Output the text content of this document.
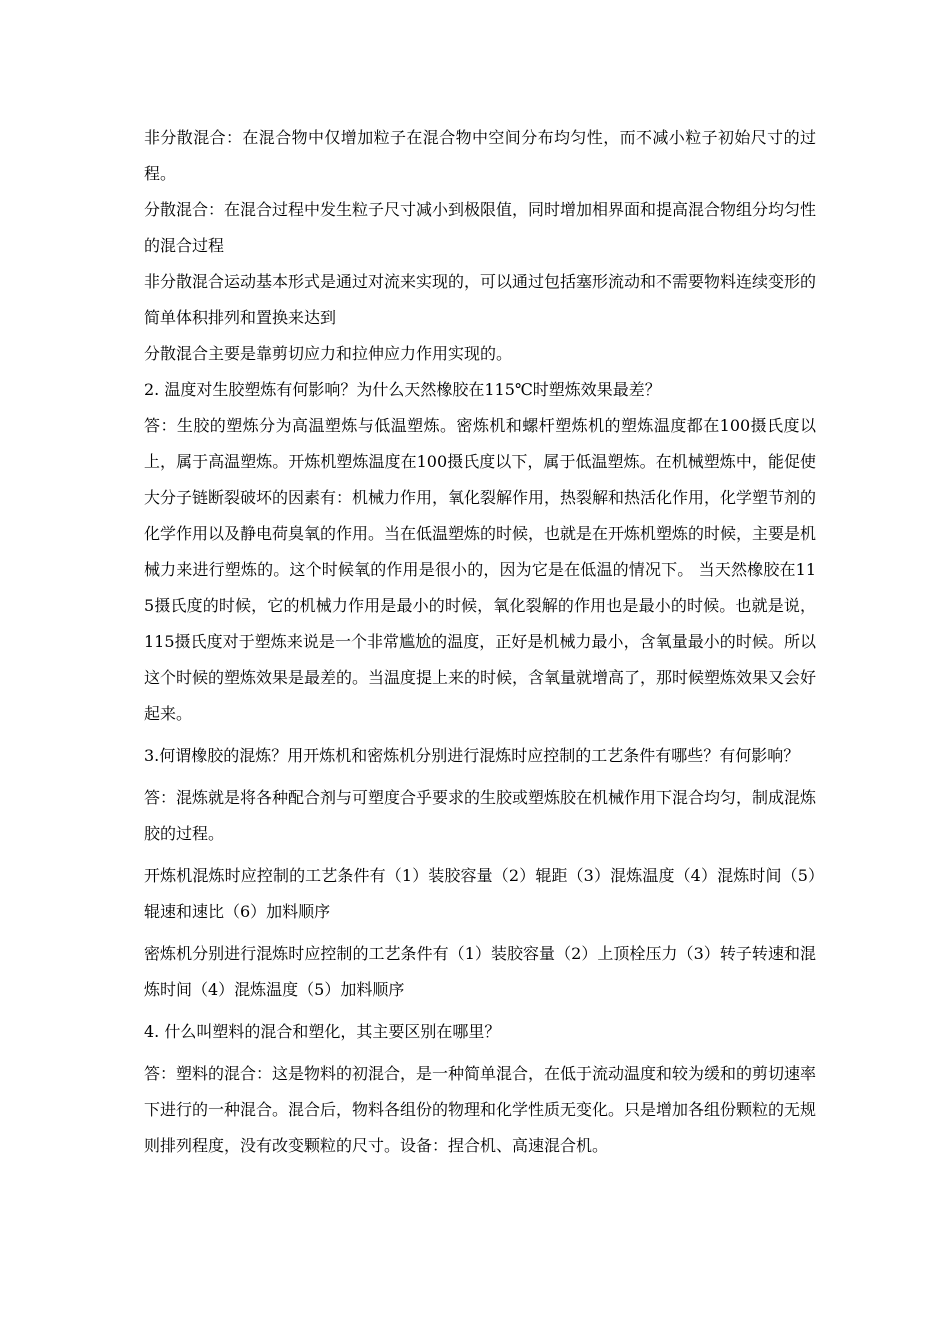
非分散混合：在混合物中仅增加粒子在混合物中空间分布均匀性，而不减小粒子初始尺寸的过程。

分散混合：在混合过程中发生粒子尺寸减小到极限值，同时增加相界面和提高混合物组分均匀性的混合过程

非分散混合运动基本形式是通过对流来实现的，可以通过包括塞形流动和不需要物料连续变形的简单体积排列和置换来达到

分散混合主要是靠剪切应力和拉伸应力作用实现的。

2. 温度对生胶塑炼有何影响？为什么天然橡胶在115℃时塑炼效果最差？

答：生胶的塑炼分为高温塑炼与低温塑炼。密炼机和螺杆塑炼机的塑炼温度都在100摄氏度以上，属于高温塑炼。开炼机塑炼温度在100摄氏度以下，属于低温塑炼。在机械塑炼中，能促使大分子链断裂破坏的因素有：机械力作用，氧化裂解作用，热裂解和热活化作用，化学塑节剂的化学作用以及静电荷臭氧的作用。当在低温塑炼的时候，也就是在开炼机塑炼的时候，主要是机械力来进行塑炼的。这个时候氧的作用是很小的，因为它是在低温的情况下。 当天然橡胶在115摄氏度的时候，它的机械力作用是最小的时候，氧化裂解的作用也是最小的时候。也就是说，115摄氏度对于塑炼来说是一个非常尴尬的温度，正好是机械力最小，含氧量最小的时候。所以这个时候的塑炼效果是最差的。当温度提上来的时候，含氧量就增高了，那时候塑炼效果又会好起来。

3.何谓橡胶的混炼？用开炼机和密炼机分别进行混炼时应控制的工艺条件有哪些？有何影响？

答：混炼就是将各种配合剂与可塑度合乎要求的生胶或塑炼胶在机械作用下混合均匀，制成混炼胶的过程。

开炼机混炼时应控制的工艺条件有（1）装胶容量（2）辊距（3）混炼温度（4）混炼时间（5）辊速和速比（6）加料顺序

密炼机分别进行混炼时应控制的工艺条件有（1）装胶容量（2）上顶栓压力（3）转子转速和混炼时间（4）混炼温度（5）加料顺序

4. 什么叫塑料的混合和塑化，其主要区别在哪里？

答：塑料的混合：这是物料的初混合，是一种简单混合，在低于流动温度和较为缓和的剪切速率下进行的一种混合。混合后，物料各组份的物理和化学性质无变化。只是增加各组份颗粒的无规则排列程度，没有改变颗粒的尺寸。设备：捏合机、高速混合机。
